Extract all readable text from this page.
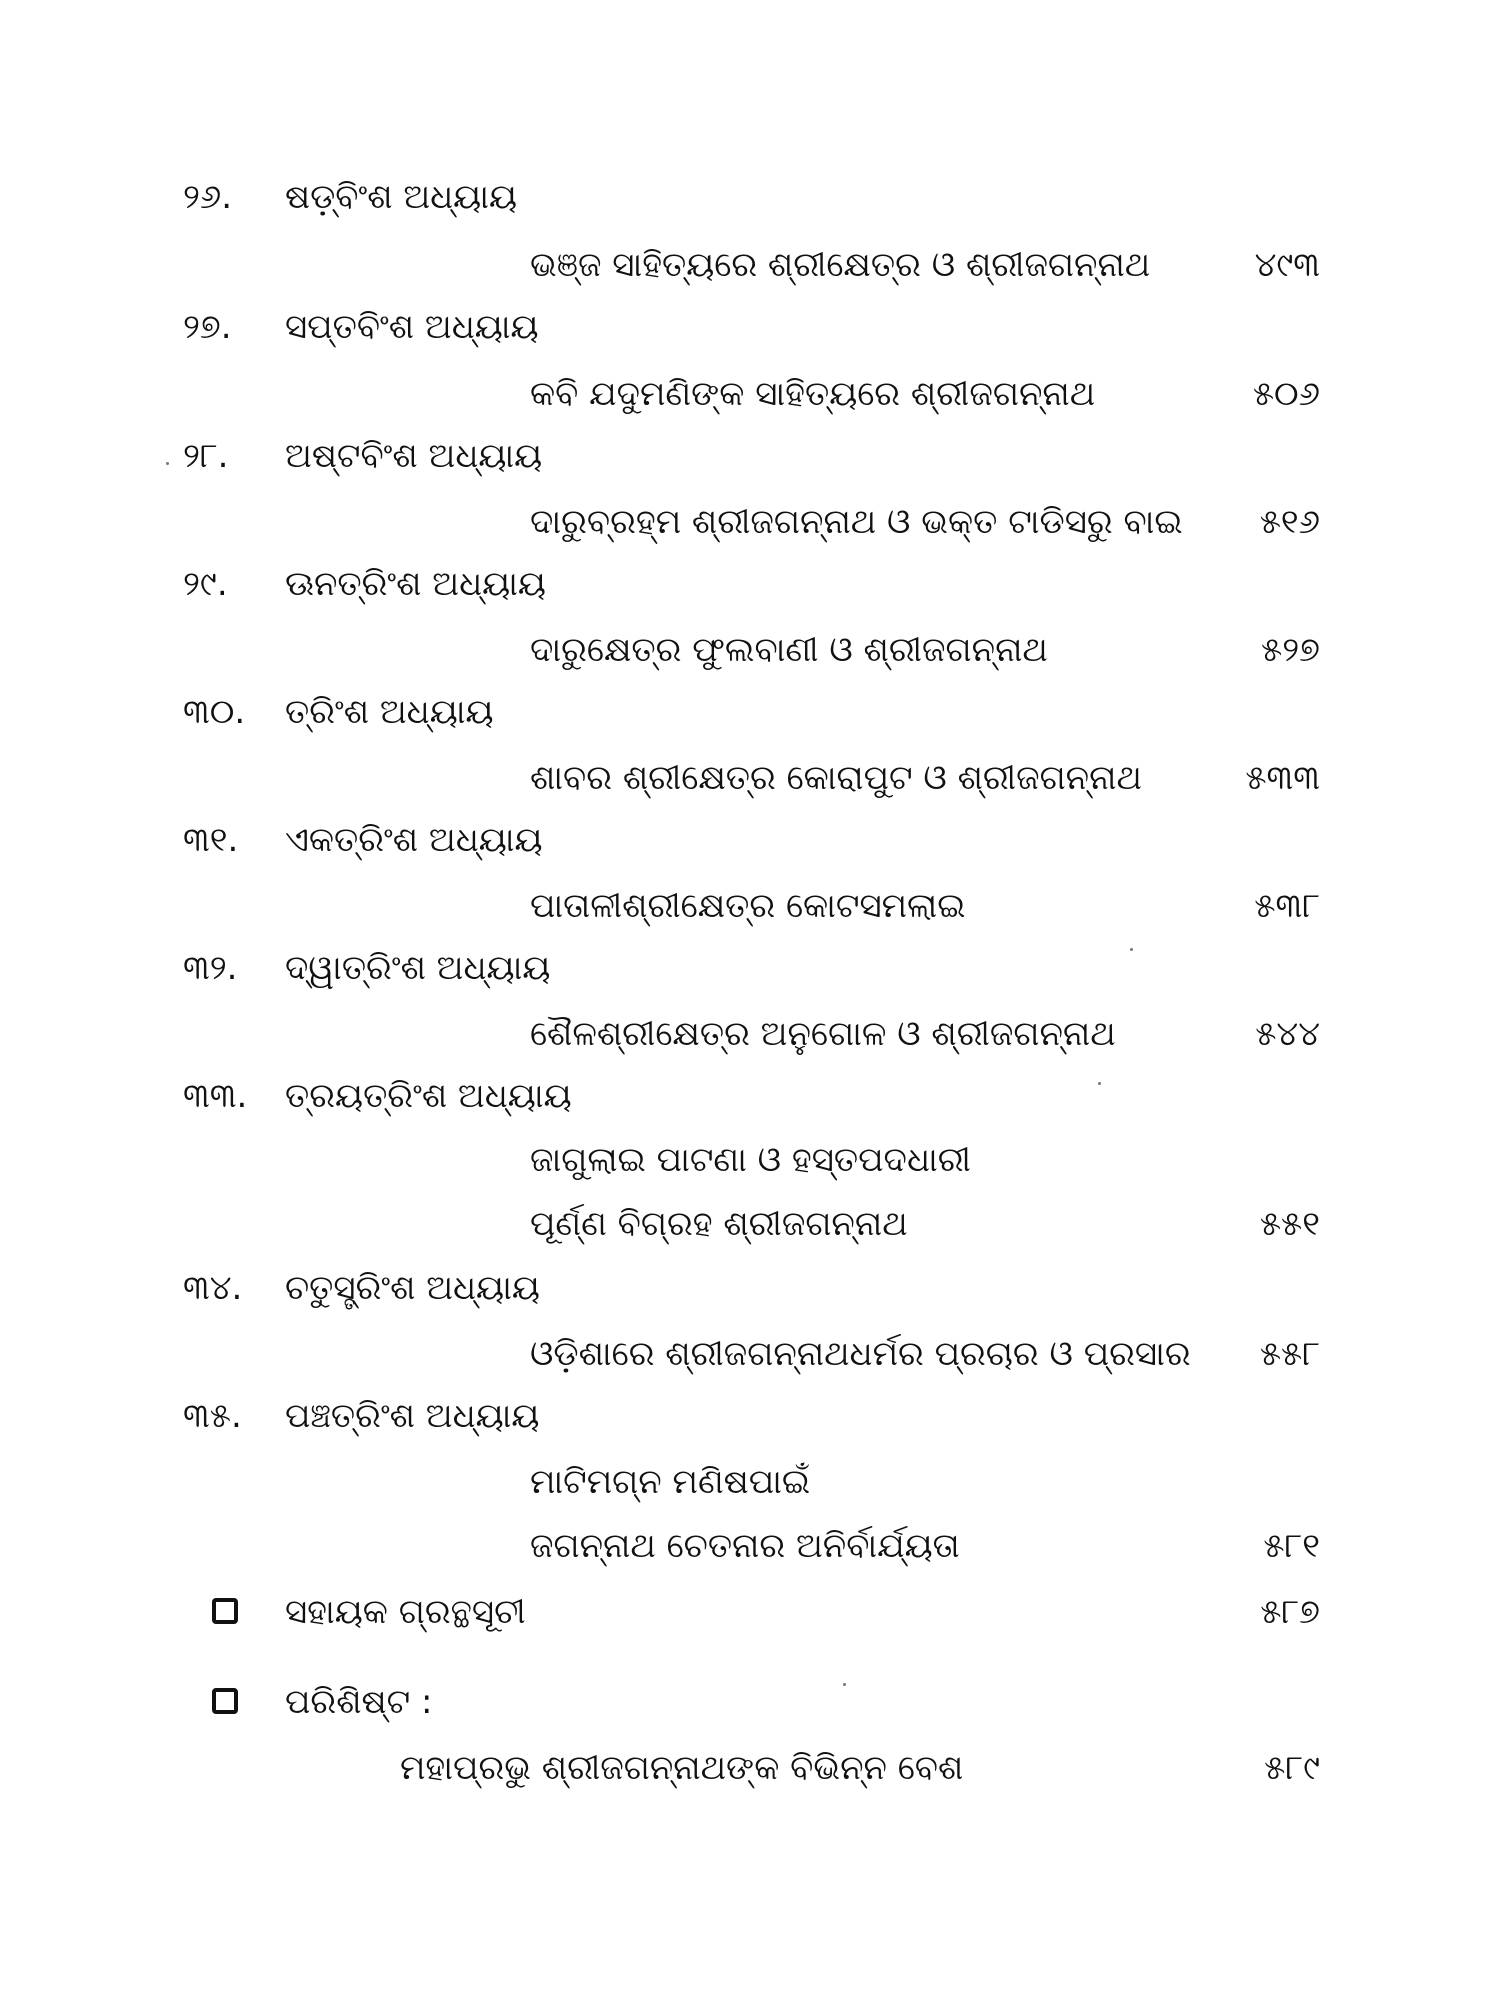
୨୬. ଷଡ଼୍‌ବିଂଶ ଅଧ୍ୟାୟ
ଭଞ୍ଜ ସାହିତ୍ୟରେ ଶ୍ରୀକ୍ଷେତ୍ର ଓ ଶ୍ରୀଜଗନ୍ନାଥ	୪୯୩
୨୭. ସପ୍ତବିଂଶ ଅଧ୍ୟାୟ
କବି ଯଦୁମଣିଙ୍କ ସାହିତ୍ୟରେ ଶ୍ରୀଜଗନ୍ନାଥ	୫୦୬
୨୮. ଅଷ୍ଟବିଂଶ ଅଧ୍ୟାୟ
ଦାରୁବ୍ରହ୍ମ ଶ୍ରୀଜଗନ୍ନାଥ ଓ ଭକ୍ତ ଟାଡିସରୁ ବାଇ ୫୧୬
୨୯. ଊନତ୍ରିଂଶ ଅଧ୍ୟାୟ
ଦାରୁକ୍ଷେତ୍ର ଫୁଲବାଣୀ ଓ ଶ୍ରୀଜଗନ୍ନାଥ	୫୨୭
୩୦. ତ୍ରିଂଶ ଅଧ୍ୟାୟ
ଶାବର ଶ୍ରୀକ୍ଷେତ୍ର କୋରାପୁଟ ଓ ଶ୍ରୀଜଗନ୍ନାଥ	୫୩୩
୩୧. ଏକତ୍ରିଂଶ ଅଧ୍ୟାୟ
ପାତାଳୀଶ୍ରୀକ୍ଷେତ୍ର କୋଟସମଲାଇ	୫୩୮
୩୨. ଦ୍ୱାତ୍ରିଂଶ ଅଧ୍ୟାୟ
ଶୈଳଶ୍ରୀକ୍ଷେତ୍ର ଅନୁଗୋଳ ଓ ଶ୍ରୀଜଗନ୍ନାଥ	୫୪୪
୩୩. ତ୍ରୟତ୍ରିଂଶ ଅଧ୍ୟାୟ
ଜାଗୁଲାଇ ପାଟଣା ଓ ହସ୍ତପଦଧାରୀ
ପୂର୍ଣ୍ଣ ବିଗ୍ରହ ଶ୍ରୀଜଗନ୍ନାଥ	୫୫୧
୩୪. ଚତୁସ୍ତ୍ରିଂଶ ଅଧ୍ୟାୟ
ଓଡ଼ିଶାରେ ଶ୍ରୀଜଗନ୍ନାଥଧର୍ମର ପ୍ରଚାର ଓ ପ୍ରସାର ୫୫୮
୩୫. ପଞ୍ଚତ୍ରିଂଶ ଅଧ୍ୟାୟ
ମାଟିମଗ୍ନ ମଣିଷପାଇଁ
ଜଗନ୍ନାଥ ଚେତନାର ଅନିର୍ବାର୍ଯ୍ୟତା	୫୮୧
ସହାୟକ ଗ୍ରନ୍ଥସୂଚୀ	୫୮୭
ପରିଶିଷ୍ଟ :
ମହାପ୍ରଭୁ ଶ୍ରୀଜଗନ୍ନାଥଙ୍କ ବିଭିନ୍ନ ବେଶ	୫୮୯
